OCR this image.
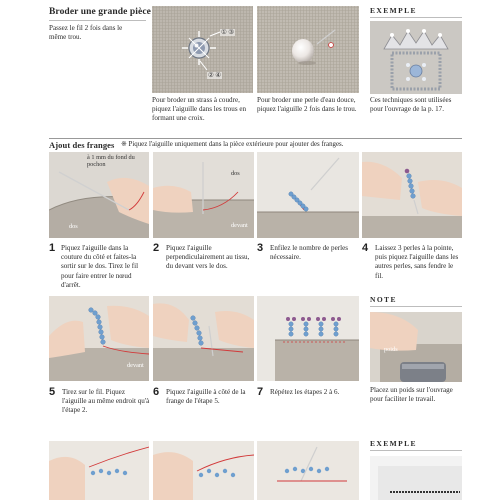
Broder une grande pièce
Passez le fil 2 fois dans le même trou.
① ③
② ④
Pour broder un strass à coudre, piquez l'aiguille dans les trous en formant une croix.
Pour broder une perle d'eau douce, piquez l'aiguille 2 fois dans le trou.
EXEMPLE
Ces techniques sont utilisées pour l'ouvrage de la p. 17.
Ajout des franges ※ Piquez l'aiguille uniquement dans la pièce extérieure pour ajouter des franges.
à 1 mm du fond du pochon
dos
dos
devant
1 Piquez l'aiguille dans la couture du côté et faites-la sortir sur le dos. Tirez le fil pour faire entrer le nœud d'arrêt.
2 Piquez l'aiguille perpendiculairement au tissu, du devant vers le dos.
3 Enfilez le nombre de perles nécessaire.
4 Laissez 3 perles à la pointe, puis piquez l'aiguille dans les autres perles, sans fendre le fil.
devant
5 Tirez sur le fil. Piquez l'aiguille au même endroit qu'à l'étape 2.
6 Piquez l'aiguille à côté de la frange de l'étape 5.
7 Répétez les étapes 2 à 6.
NOTE
poids
Placez un poids sur l'ouvrage pour faciliter le travail.
EXEMPLE
